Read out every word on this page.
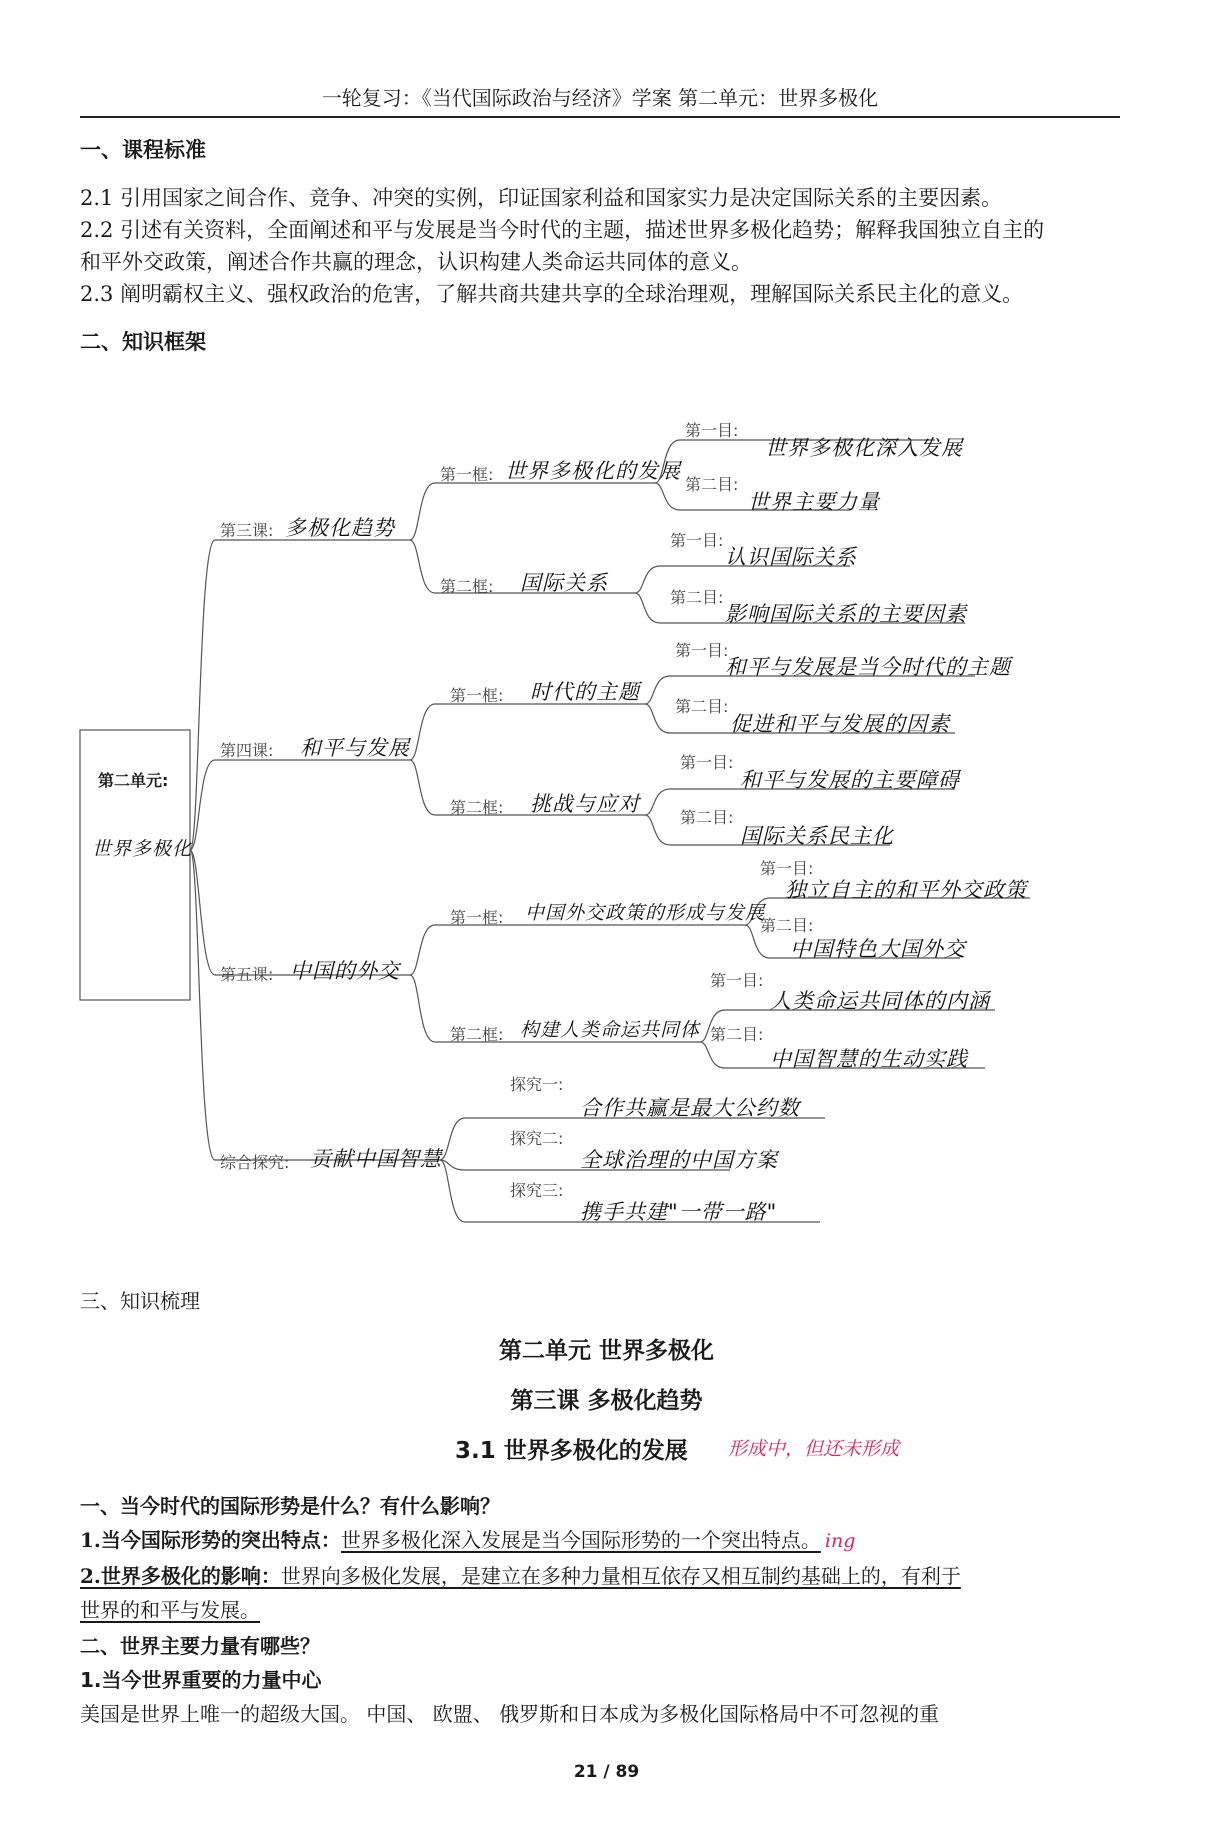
一轮复习：《当代国际政治与经济》学案 第二单元：世界多极化
一、课程标准
2.1 引用国家之间合作、竞争、冲突的实例，印证国家利益和国家实力是决定国际关系的主要因素。
2.2 引述有关资料，全面阐述和平与发展是当今时代的主题，描述世界多极化趋势；解释我国独立自主的
和平外交政策，阐述合作共赢的理念，认识构建人类命运共同体的意义。
2.3 阐明霸权主义、强权政治的危害，了解共商共建共享的全球治理观，理解国际关系民主化的意义。
二、知识框架
第二单元:
世界多极化
第三课: 多极化趋势
第一框: 世界多极化的发展
第一目:
世界多极化深入发展
第二目:
世界主要力量
第二框: 国际关系
第一目:
认识国际关系
第二目:
影响国际关系的主要因素
第四课: 和平与发展
第一框: 时代的主题
第一目:
和平与发展是当今时代的主题
第二目:
促进和平与发展的因素
第二框: 挑战与应对
第一目:
和平与发展的主要障碍
第二目:
国际关系民主化
第五课: 中国的外交
第一框: 中国外交政策的形成与发展
第一目:
独立自主的和平外交政策
第二目:
中国特色大国外交
第二框: 构建人类命运共同体
第一目:
人类命运共同体的内涵
第二目:
中国智慧的生动实践
综合探究: 贡献中国智慧
探究一:
合作共赢是最大公约数
探究二:
全球治理的中国方案
探究三:
携手共建"一带一路"
三、知识梳理
第二单元 世界多极化
第三课 多极化趋势
3.1 世界多极化的发展 形成中，但还未形成
一、当今时代的国际形势是什么？有什么影响？
1.当今国际形势的突出特点：世界多极化深入发展是当今国际形势的一个突出特点。 ing
2.世界多极化的影响：世界向多极化发展，是建立在多种力量相互依存又相互制约基础上的，有利于
世界的和平与发展。
二、世界主要力量有哪些？
1.当今世界重要的力量中心
美国是世界上唯一的超级大国。 中国、 欧盟、 俄罗斯和日本成为多极化国际格局中不可忽视的重
21 / 89
